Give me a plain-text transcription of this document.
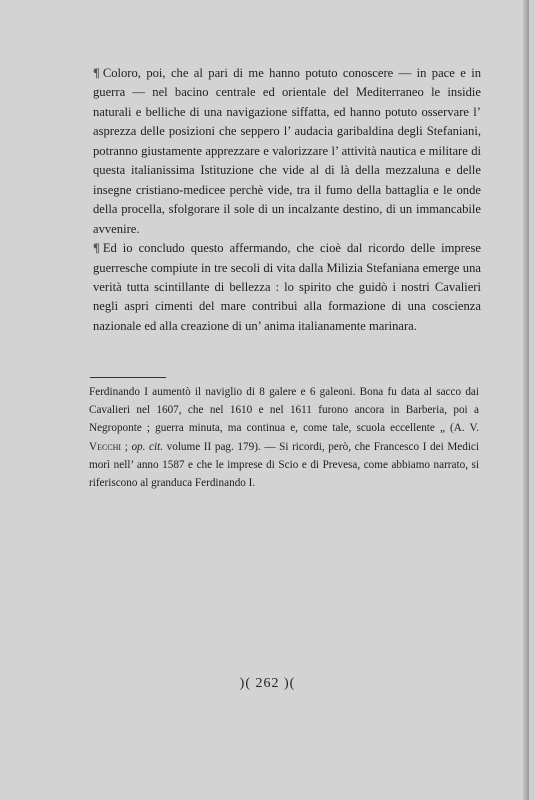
¶ Coloro, poi, che al pari di me hanno potuto conoscere — in pace e in guerra — nel bacino centrale ed orientale del Mediterraneo le insidie naturali e belliche di una navigazione siffatta, ed hanno potuto osservare l’ asprezza delle posizioni che seppero l’ audacia garibaldina degli Stefaniani, potranno giustamente apprezzare e valorizzare l’ attività nautica e militare di questa italianissima Istituzione che vide al di là della mezzaluna e delle insegne cristiano-medicee perchè vide, tra il fumo della battaglia e le onde della procella, sfolgorare il sole di un incalzante destino, di un immancabile avvenire.

¶ Ed io concludo questo affermando, che cioè dal ricordo delle imprese guerresche compiute in tre secoli di vita dalla Milizia Stefaniana emerge una verità tutta scintillante di bellezza : lo spirito che guidò i nostri Cavalieri negli aspri cimenti del mare contribuì alla formazione di una coscienza nazionale ed alla creazione di un’ anima italianamente marinara.

Ferdinando I aumentò il naviglio di 8 galere e 6 galeoni. Bona fu data al sacco dai Cavalieri nel 1607, che nel 1610 e nel 1611 furono ancora in Barberia, poi a Negroponte ; guerra minuta, ma continua e, come tale, scuola eccellente „ (A. V. Vecchi ; op. cit. volume II pag. 179). — Si ricordi, però, che Francesco I dei Medici morì nell’ anno 1587 e che le imprese di Scio e di Prevesa, come abbiamo narrato, si riferiscono al granduca Ferdinando I.

)( 262 )(
